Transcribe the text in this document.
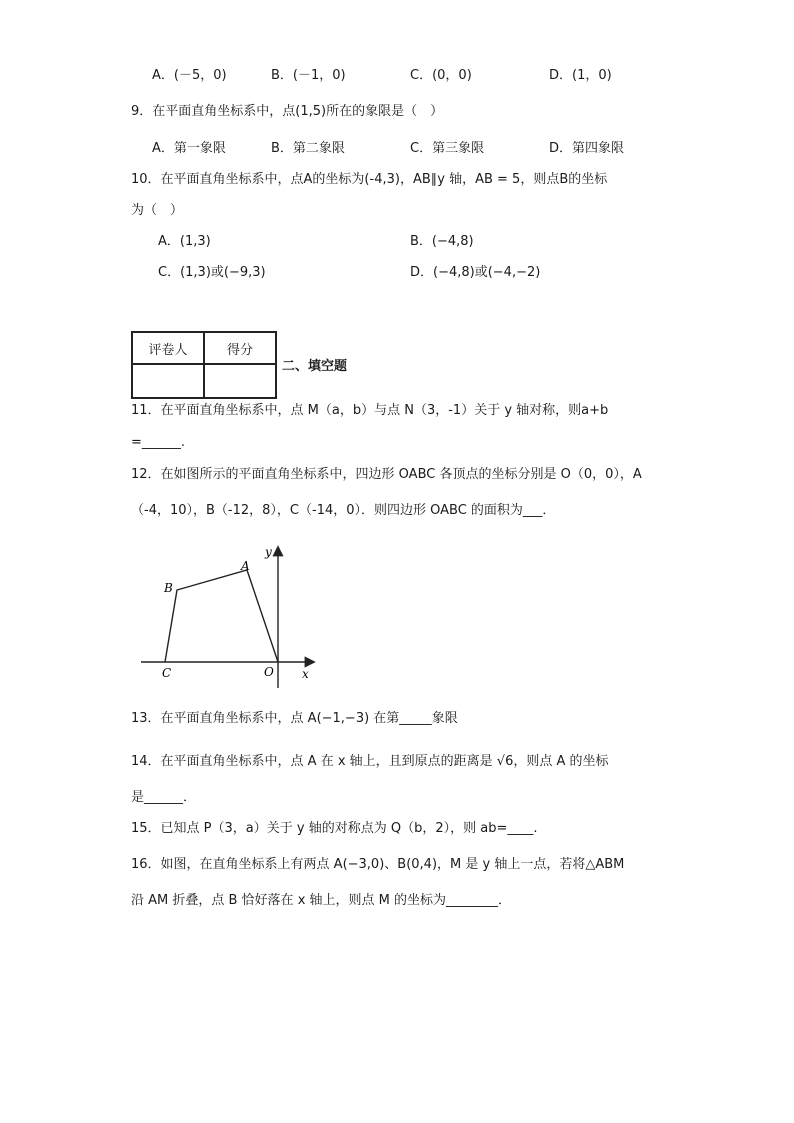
A．(－5，0)	B．(－1，0)	C．(0，0)	D．(1，0)
9．在平面直角坐标系中，点(1,5)所在的象限是（　）
A．第一象限	B．第二象限	C．第三象限	D．第四象限
10．在平面直角坐标系中，点A的坐标为(-4,3)，AB∥y 轴，AB = 5，则点B的坐标
为（　）
A．(1,3)	B．(−4,8)
C．(1,3)或(−9,3)	D．(−4,8)或(−4,−2)
评卷人	得分

二、填空题
11．在平面直角坐标系中，点 M（a，b）与点 N（3，-1）关于 y 轴对称，则a+b
=______.
12．在如图所示的平面直角坐标系中，四边形 OABC 各顶点的坐标分别是 O（0，0），A
（-4，10），B（-12，8），C（-14，0）．则四边形 OABC 的面积为___．
A
B
C	O x
y
13．在平面直角坐标系中，点 A(−1,−3) 在第_____象限
14．在平面直角坐标系中，点 A 在 x 轴上，且到原点的距离是 √6，则点 A 的坐标
是______．
15．已知点 P（3，a）关于 y 轴的对称点为 Q（b，2），则 ab=____.
16．如图，在直角坐标系上有两点 A(−3,0)、B(0,4)，M 是 y 轴上一点，若将△ABM
沿 AM 折叠，点 B 恰好落在 x 轴上，则点 M 的坐标为________．
